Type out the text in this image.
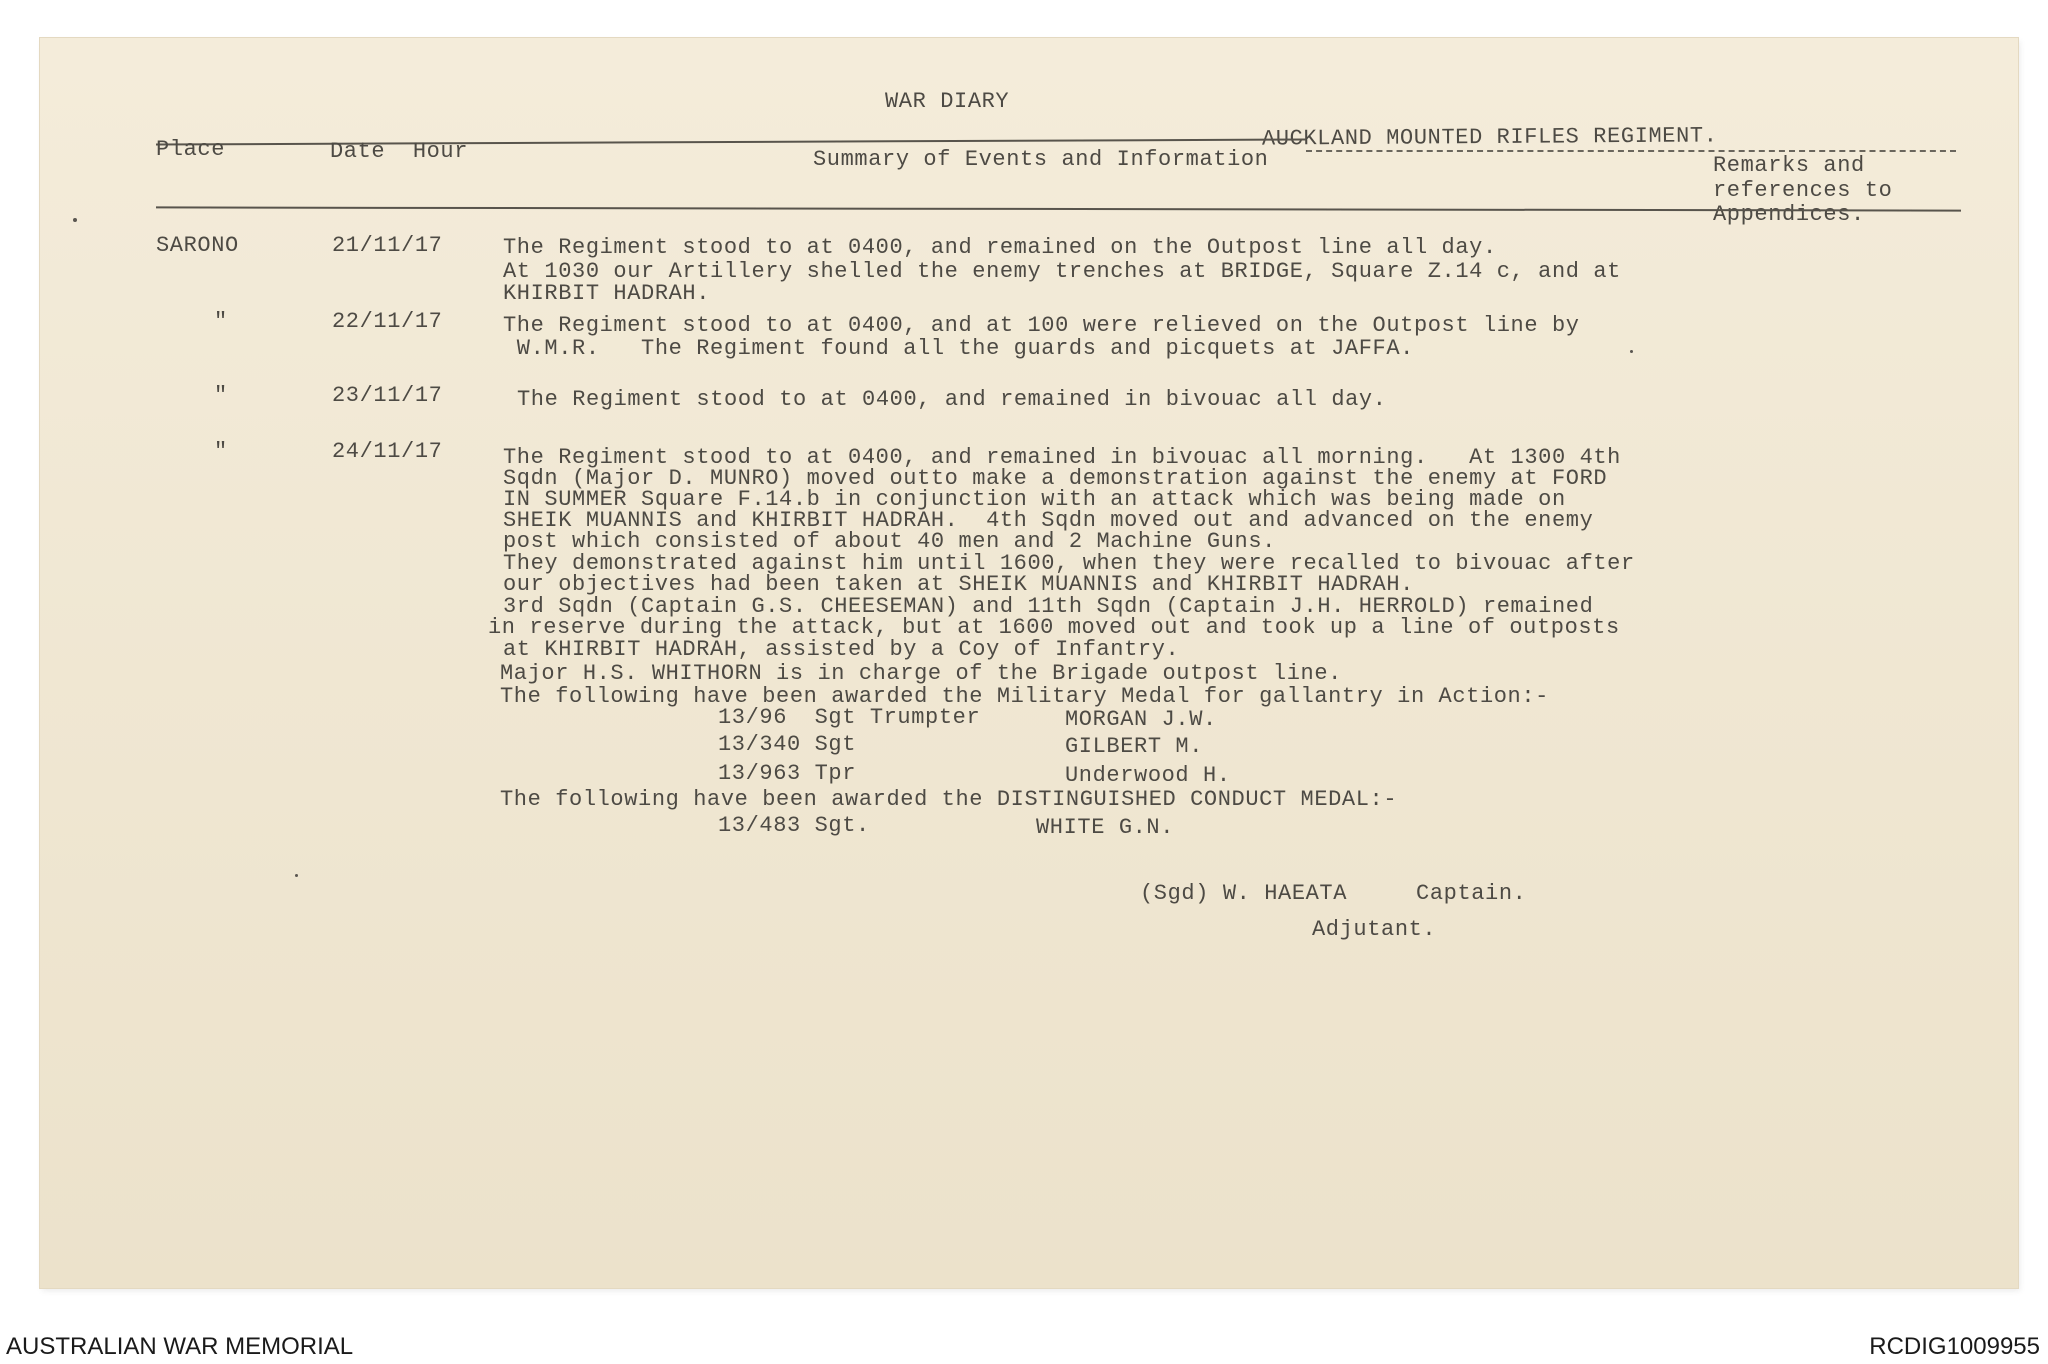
WAR DIARY
AUCKLAND MOUNTED RIFLES REGIMENT.
Place	Date  Hour	Summary of Events and Information	Remarks and
references to
Appendices.
SARONO	21/11/17	The Regiment stood to at 0400, and remained on the Outpost line all day.
At 1030 our Artillery shelled the enemy trenches at BRIDGE, Square Z.14 c, and at
KHIRBIT HADRAH.
"	22/11/17	The Regiment stood to at 0400, and at 100 were relieved on the Outpost line by
W.M.R.   The Regiment found all the guards and picquets at JAFFA.
"	23/11/17	The Regiment stood to at 0400, and remained in bivouac all day.
"	24/11/17	The Regiment stood to at 0400, and remained in bivouac all morning.   At 1300 4th
Sqdn (Major D. MUNRO) moved outto make a demonstration against the enemy at FORD
IN SUMMER Square F.14.b in conjunction with an attack which was being made on
SHEIK MUANNIS and KHIRBIT HADRAH.  4th Sqdn moved out and advanced on the enemy
post which consisted of about 40 men and 2 Machine Guns.
They demonstrated against him until 1600, when they were recalled to bivouac after
our objectives had been taken at SHEIK MUANNIS and KHIRBIT HADRAH.
3rd Sqdn (Captain G.S. CHEESEMAN) and 11th Sqdn (Captain J.H. HERROLD) remained
in reserve during the attack, but at 1600 moved out and took up a line of outposts
at KHIRBIT HADRAH, assisted by a Coy of Infantry.
Major H.S. WHITHORN is in charge of the Brigade outpost line.
The following have been awarded the Military Medal for gallantry in Action:-
13/96  Sgt Trumpter	MORGAN J.W.
13/340 Sgt	GILBERT M.
13/963 Tpr	Underwood H.
The following have been awarded the DISTINGUISHED CONDUCT MEDAL:-
13/483 Sgt.	WHITE G.N.
(Sgd) W. HAEATA     Captain.
Adjutant.
AUSTRALIAN WAR MEMORIAL	RCDIG1009955
